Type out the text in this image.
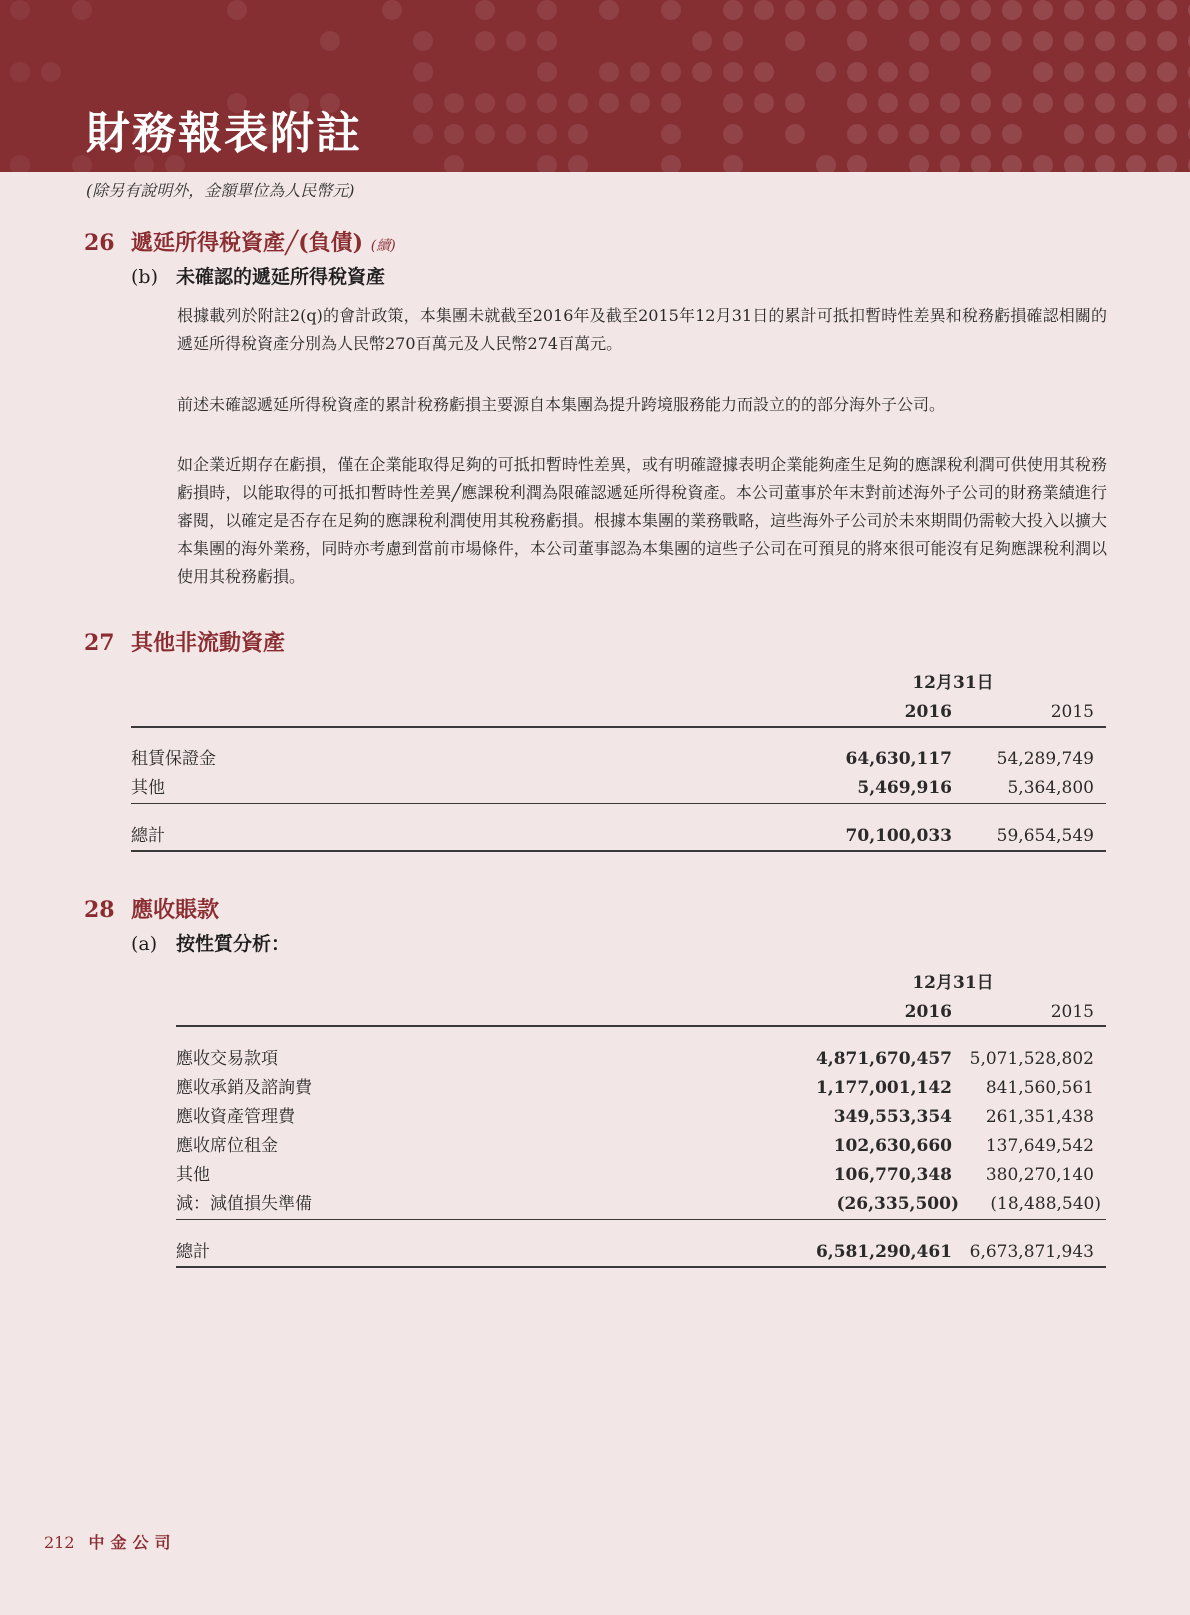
財務報表附註
(除另有說明外，金額單位為人民幣元)
26 遞延所得稅資產╱(負債) (續)
(b) 未確認的遞延所得稅資產

根據載列於附註2(q)的會計政策，本集團未就截至2016年及截至2015年12月31日的累計可抵扣暫時性差異和稅務虧損確認相關的遞延所得稅資產分別為人民幣270百萬元及人民幣274百萬元。

前述未確認遞延所得稅資產的累計稅務虧損主要源自本集團為提升跨境服務能力而設立的的部分海外子公司。

如企業近期存在虧損，僅在企業能取得足夠的可抵扣暫時性差異，或有明確證據表明企業能夠產生足夠的應課稅利潤可供使用其稅務虧損時，以能取得的可抵扣暫時性差異╱應課稅利潤為限確認遞延所得稅資產。本公司董事於年末對前述海外子公司的財務業績進行審閱，以確定是否存在足夠的應課稅利潤使用其稅務虧損。根據本集團的業務戰略，這些海外子公司於未來期間仍需較大投入以擴大本集團的海外業務，同時亦考慮到當前市場條件，本公司董事認為本集團的這些子公司在可預見的將來很可能沒有足夠應課稅利潤以使用其稅務虧損。

27 其他非流動資產
12月31日
2016	2015
租賃保證金	64,630,117	54,289,749
其他	5,469,916	5,364,800
總計	70,100,033	59,654,549
28 應收賬款
(a) 按性質分析：
12月31日
2016	2015
應收交易款項	4,871,670,457	5,071,528,802
應收承銷及諮詢費	1,177,001,142	841,560,561
應收資產管理費	349,553,354	261,351,438
應收席位租金	102,630,660	137,649,542
其他	106,770,348	380,270,140
減：減值損失準備	(26,335,500)	(18,488,540)
總計	6,581,290,461	6,673,871,943
212 中金公司
